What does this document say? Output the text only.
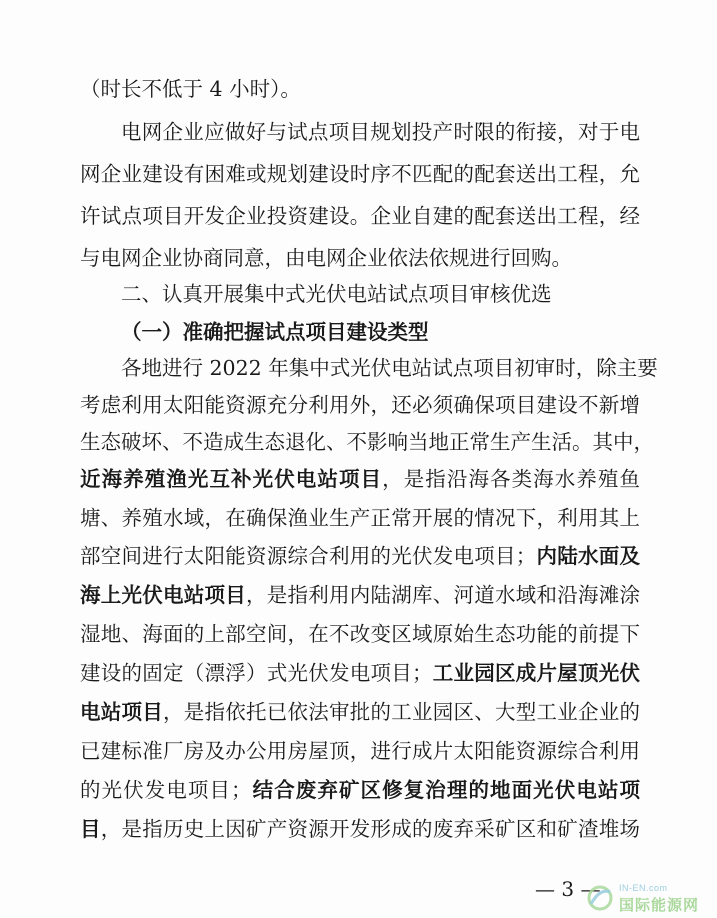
（时长不低于 4 小时）。
电网企业应做好与试点项目规划投产时限的衔接，对于电
网企业建设有困难或规划建设时序不匹配的配套送出工程，允
许试点项目开发企业投资建设。企业自建的配套送出工程，经
与电网企业协商同意，由电网企业依法依规进行回购。
二、认真开展集中式光伏电站试点项目审核优选
（一）准确把握试点项目建设类型
各地进行 2022 年集中式光伏电站试点项目初审时，除主要
考虑利用太阳能资源充分利用外，还必须确保项目建设不新增
生态破坏、不造成生态退化、不影响当地正常生产生活。其中，
近海养殖渔光互补光伏电站项目，是指沿海各类海水养殖鱼
塘、养殖水域，在确保渔业生产正常开展的情况下，利用其上
部空间进行太阳能资源综合利用的光伏发电项目；内陆水面及
海上光伏电站项目，是指利用内陆湖库、河道水域和沿海滩涂
湿地、海面的上部空间，在不改变区域原始生态功能的前提下
建设的固定（漂浮）式光伏发电项目；工业园区成片屋顶光伏
电站项目，是指依托已依法审批的工业园区、大型工业企业的
已建标准厂房及办公用房屋顶，进行成片太阳能资源综合利用
的光伏发电项目；结合废弃矿区修复治理的地面光伏电站项
目，是指历史上因矿产资源开发形成的废弃采矿区和矿渣堆场
— 3 — IN-EN.com
国际能源网
